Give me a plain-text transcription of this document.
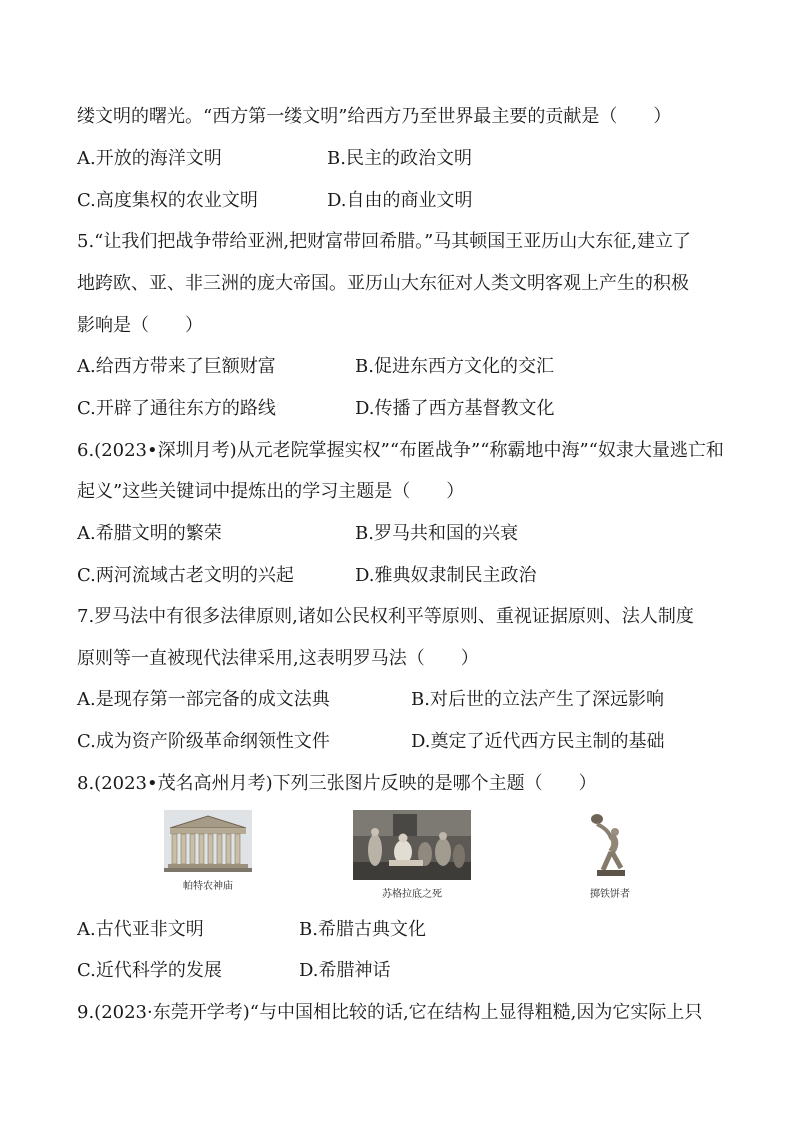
缕文明的曙光。“西方第一缕文明”给西方乃至世界最主要的贡献是（　　）

A.开放的海洋文明	B.民主的政治文明

C.高度集权的农业文明	D.自由的商业文明

5.“让我们把战争带给亚洲,把财富带回希腊。”马其顿国王亚历山大东征,建立了

地跨欧、亚、非三洲的庞大帝国。亚历山大东征对人类文明客观上产生的积极

影响是（　　）

A.给西方带来了巨额财富	B.促进东西方文化的交汇

C.开辟了通往东方的路线	D.传播了西方基督教文化

6.(2023•深圳月考)从元老院掌握实权”“布匿战争”“称霸地中海”“奴隶大量逃亡和

起义”这些关键词中提炼出的学习主题是（　　）

A.希腊文明的繁荣	B.罗马共和国的兴衰

C.两河流域古老文明的兴起	D.雅典奴隶制民主政治

7.罗马法中有很多法律原则,诸如公民权利平等原则、重视证据原则、法人制度

原则等一直被现代法律采用,这表明罗马法（　　）

A.是现存第一部完备的成文法典	B.对后世的立法产生了深远影响

C.成为资产阶级革命纲领性文件	D.奠定了近代西方民主制的基础

8.(2023•茂名高州月考)下列三张图片反映的是哪个主题（　　）

帕特农神庙
苏格拉底之死	掷铁饼者

A.古代亚非文明	B.希腊古典文化

C.近代科学的发展	D.希腊神话

9.(2023·东莞开学考)“与中国相比较的话,它在结构上显得粗糙,因为它实际上只
